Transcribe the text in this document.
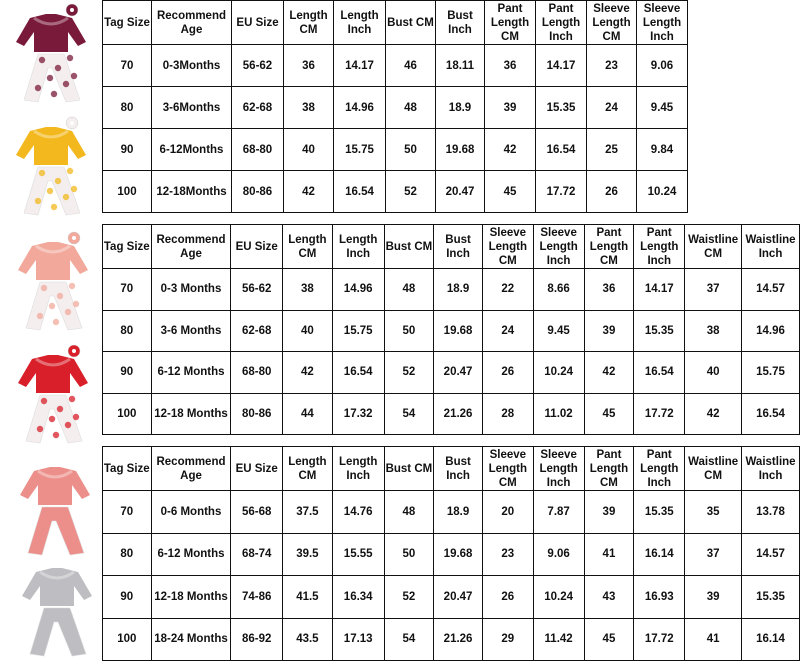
Tag Size	Recommend Age	EU Size	Length CM	Length Inch	Bust CM	Bust Inch	Pant Length CM	Pant Length Inch	Sleeve Length CM	Sleeve Length Inch
70	0-3Months	56-62	36	14.17	46	18.11	36	14.17	23	9.06
80	3-6Months	62-68	38	14.96	48	18.9	39	15.35	24	9.45
90	6-12Months	68-80	40	15.75	50	19.68	42	16.54	25	9.84
100	12-18Months	80-86	42	16.54	52	20.47	45	17.72	26	10.24
Tag Size	Recommend Age	EU Size	Length CM	Length Inch	Bust CM	Bust Inch	Sleeve Length CM	Sleeve Length Inch	Pant Length CM	Pant Length Inch	Waistline CM	Waistline Inch
70	0-3 Months	56-62	38	14.96	48	18.9	22	8.66	36	14.17	37	14.57
80	3-6 Months	62-68	40	15.75	50	19.68	24	9.45	39	15.35	38	14.96
90	6-12 Months	68-80	42	16.54	52	20.47	26	10.24	42	16.54	40	15.75
100	12-18 Months	80-86	44	17.32	54	21.26	28	11.02	45	17.72	42	16.54
Tag Size	Recommend Age	EU Size	Length CM	Length Inch	Bust CM	Bust Inch	Sleeve Length CM	Sleeve Length Inch	Pant Length CM	Pant Length Inch	Waistline CM	Waistline Inch
70	0-6 Months	56-68	37.5	14.76	48	18.9	20	7.87	39	15.35	35	13.78
80	6-12 Months	68-74	39.5	15.55	50	19.68	23	9.06	41	16.14	37	14.57
90	12-18 Months	74-86	41.5	16.34	52	20.47	26	10.24	43	16.93	39	15.35
100	18-24 Months	86-92	43.5	17.13	54	21.26	29	11.42	45	17.72	41	16.14
